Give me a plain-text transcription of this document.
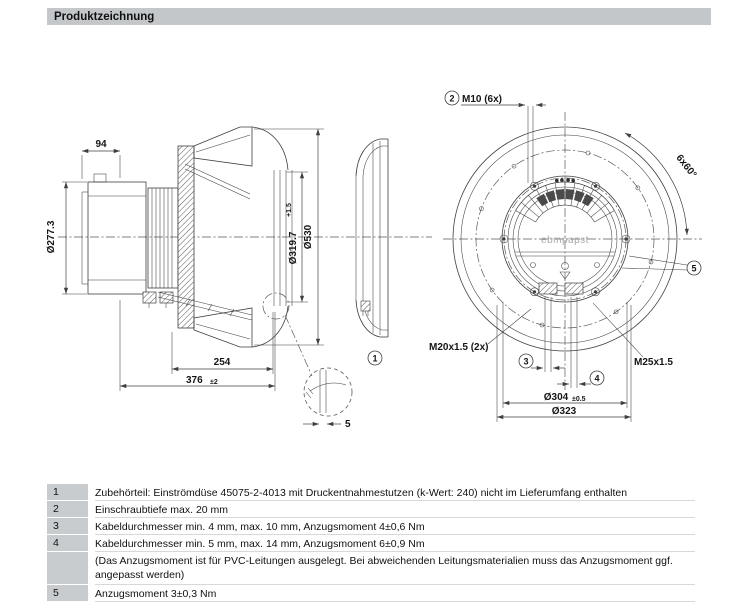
Produktzeichnung
94
Ø277.3	Ø319.7
+1.5
Ø530
254
376 ±2
5
1
ebmpapst
2 M10 (6x)
6x60°
5
M20x1.5 (2x)
M25x1.5
3
4
Ø304 ±0.5
Ø323
1	Zubehörteil: Einströmdüse 45075-2-4013 mit Druckentnahmestutzen (k-Wert: 240) nicht im Lieferumfang enthalten
2	Einschraubtiefe max. 20 mm
3	Kabeldurchmesser min. 4 mm, max. 10 mm, Anzugsmoment 4±0,6 Nm
4	Kabeldurchmesser min. 5 mm, max. 14 mm, Anzugsmoment 6±0,9 Nm
(Das Anzugsmoment ist für PVC-Leitungen ausgelegt. Bei abweichenden Leitungsmaterialien muss das Anzugsmoment ggf. angepasst werden)
5	Anzugsmoment 3±0,3 Nm
